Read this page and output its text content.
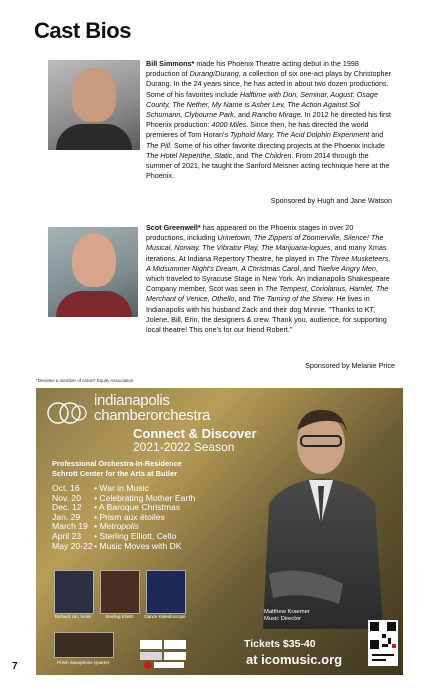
Cast Bios
Bill Simmons* made his Phoenix Theatre acting debut in the 1998 production of Durang/Durang, a collection of six one-act plays by Christopher Durang. In the 24 years since, he has acted in about two dozen productions. Some of his favorites include Halftime with Don, Seminar, August: Osage County, The Nether, My Name is Asher Lev, The Action Against Sol Schumann, Clybourne Park, and Rancho Mirage. In 2012 he directed his first Phoenix production: 4000 Miles. Since then, he has directed the world premieres of Tom Horan's Typhoid Mary, The Acid Dolphin Experiment and The Pill. Some of his other favorite directing projects at the Phoenix include The Hotel Nepenthe, Static, and The Children. From 2014 through the summer of 2021, he taught the Sanford Meisner acting technique here at the Phoenix.
Sponsored by Hugh and Jane Watson
Scot Greenwell* has appeared on the Phoenix stages in over 20 productions, including Urinetown, The Zippers of Zoomerville, Silence! The Musical, Norway, The Vibrator Play, The Marijuana-logues, and many Xmas iterations. At Indiana Repertory Theatre, he played in The Three Musketeers, A Midsummer Night's Dream, A Christmas Carol, and Twelve Angry Men, which traveled to Syracuse Stage in New York. An Indianapolis Shakespeare Company member, Scot was seen in The Tempest, Coriolanus, Hamlet, The Merchant of Venice, Othello, and The Taming of the Shrew. He lives in Indianapolis with his husband Zack and their dog Minnie. "Thanks to KT, Jolene, Bill, Erin, the designers & crew. Thank you, audience, for supporting local theatre! This one's for our friend Robert."
Sponsored by Melanie Price
*Denotes a member of Actors' Equity Association
indianapolis
chamberorchestra
Connect & Discover
2021-2022 Season
Professional Orchestra-In-Residence
Schrott Center for the Arts at Butler
Oct. 16 • War in Music
Nov. 20 • Celebrating Mother Earth
Dec. 12 • A Baroque Christmas
Jan. 29 • Prism aux étoiles
March 19 • Metropolis
April 23 • Sterling Elliott, Cello
May 20-22• Music Moves with DK
Richard Lin, Violin	Sterling Elliott	Dance Kaleidoscope
Prism Saxophone Quartet
Matthew Kraemer
Music Director
Tickets $35-40
at icomusic.org
7
